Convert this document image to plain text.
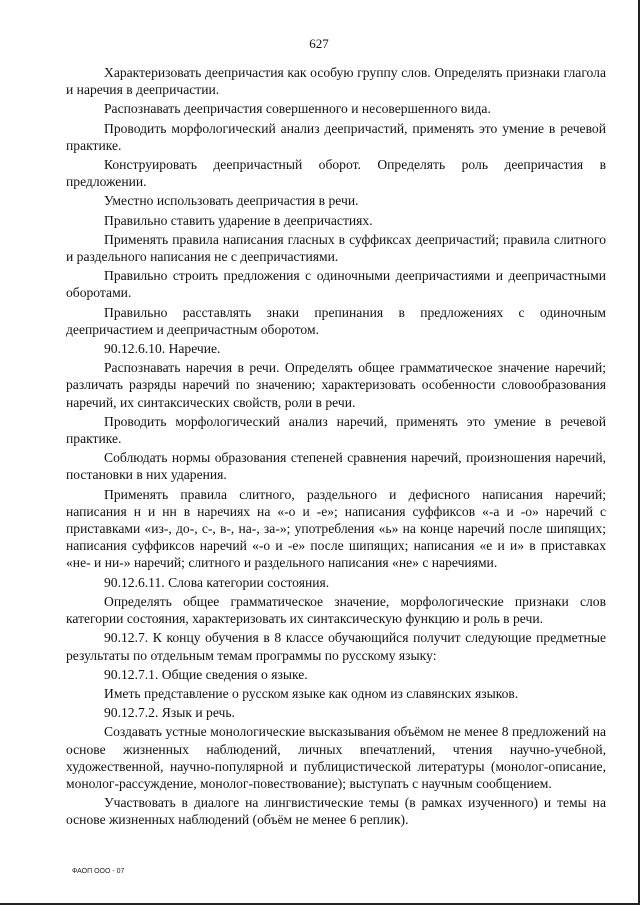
627

Характеризовать деепричастия как особую группу слов. Определять признаки глагола и наречия в деепричастии.

Распознавать деепричастия совершенного и несовершенного вида.

Проводить морфологический анализ деепричастий, применять это умение в речевой практике.

Конструировать деепричастный оборот. Определять роль деепричастия в предложении.

Уместно использовать деепричастия в речи.

Правильно ставить ударение в деепричастиях.

Применять правила написания гласных в суффиксах деепричастий; правила слитного и раздельного написания не с деепричастиями.

Правильно строить предложения с одиночными деепричастиями и деепричастными оборотами.

Правильно расставлять знаки препинания в предложениях с одиночным деепричастием и деепричастным оборотом.

90.12.6.10. Наречие.

Распознавать наречия в речи. Определять общее грамматическое значение наречий; различать разряды наречий по значению; характеризовать особенности словообразования наречий, их синтаксических свойств, роли в речи.

Проводить морфологический анализ наречий, применять это умение в речевой практике.

Соблюдать нормы образования степеней сравнения наречий, произношения наречий, постановки в них ударения.

Применять правила слитного, раздельного и дефисного написания наречий; написания н и нн в наречиях на «-о и -е»; написания суффиксов «-а и -о» наречий с приставками «из-, до-, с-, в-, на-, за-»; употребления «ь» на конце наречий после шипящих; написания суффиксов наречий «-о и -е» после шипящих; написания «е и и» в приставках «не- и ни-» наречий; слитного и раздельного написания «не» с наречиями.

90.12.6.11. Слова категории состояния.

Определять общее грамматическое значение, морфологические признаки слов категории состояния, характеризовать их синтаксическую функцию и роль в речи.

90.12.7. К концу обучения в 8 классе обучающийся получит следующие предметные результаты по отдельным темам программы по русскому языку:

90.12.7.1. Общие сведения о языке.

Иметь представление о русском языке как одном из славянских языков.

90.12.7.2. Язык и речь.

Создавать устные монологические высказывания объёмом не менее 8 предложений на основе жизненных наблюдений, личных впечатлений, чтения научно-учебной, художественной, научно-популярной и публицистической литературы (монолог-описание, монолог-рассуждение, монолог-повествование); выступать с научным сообщением.

Участвовать в диалоге на лингвистические темы (в рамках изученного) и темы на основе жизненных наблюдений (объём не менее 6 реплик).

ФАОП ООО - 07
